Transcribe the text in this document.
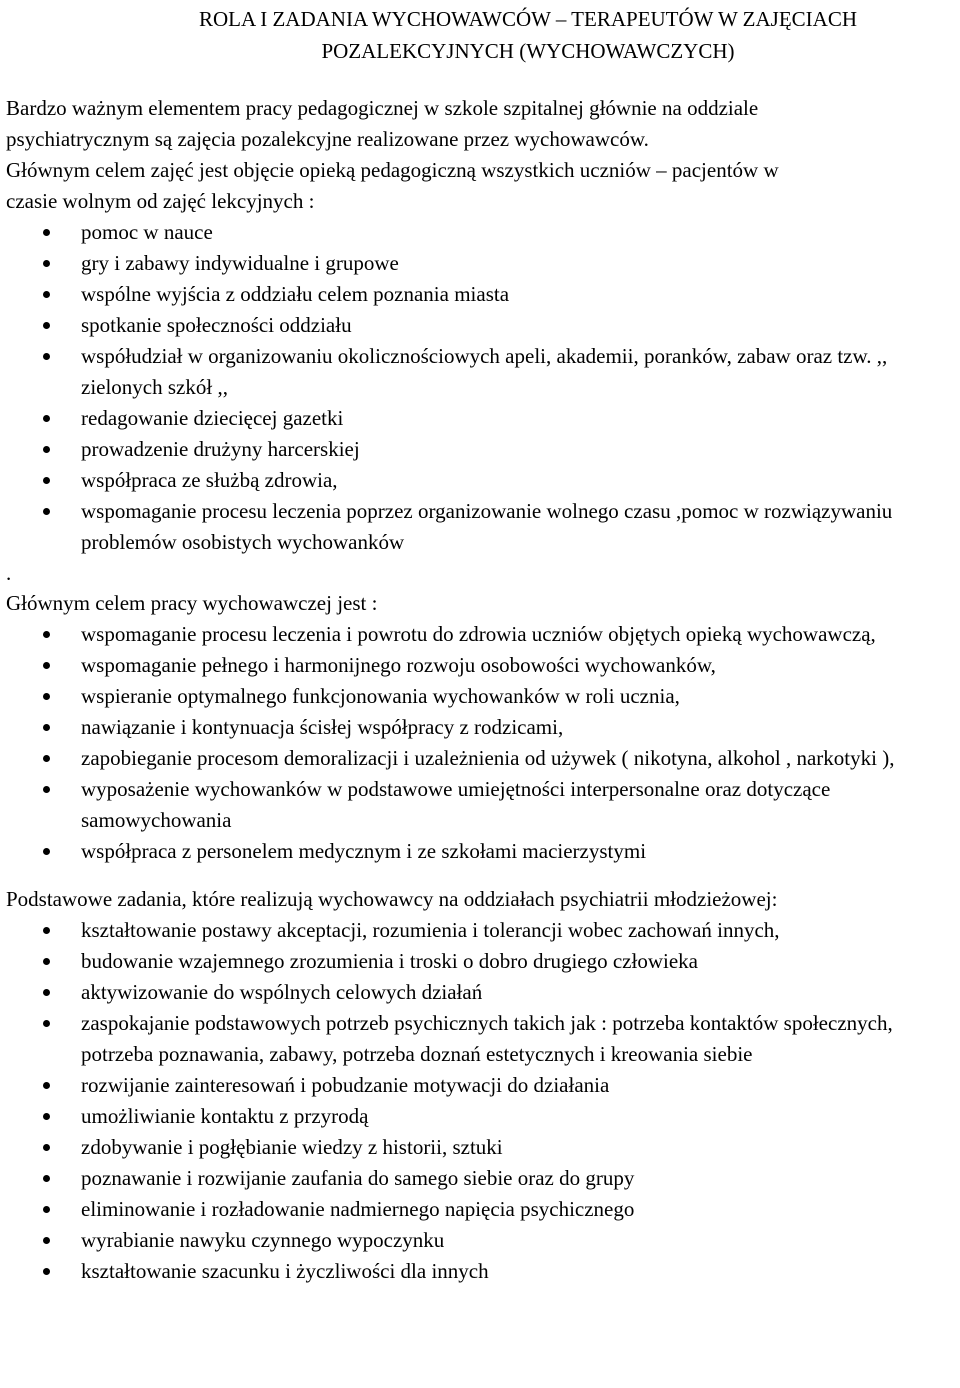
ROLA I ZADANIA WYCHOWAWCÓW – TERAPEUTÓW W ZAJĘCIACH
POZALEKCYJNYCH (WYCHOWAWCZYCH)

Bardzo ważnym elementem pracy pedagogicznej w szkole szpitalnej głównie na oddziale

psychiatrycznym są zajęcia pozalekcyjne realizowane przez wychowawców.

Głównym celem zajęć jest objęcie opieką pedagogiczną wszystkich uczniów – pacjentów w

czasie wolnym od zajęć lekcyjnych :

pomoc w nauce
gry i zabawy indywidualne i grupowe
wspólne wyjścia z oddziału celem poznania miasta
spotkanie społeczności oddziału
współudział w organizowaniu okolicznościowych apeli, akademii, poranków, zabaw oraz tzw. ,, zielonych szkół ,,
redagowanie dziecięcej gazetki
prowadzenie drużyny harcerskiej
współpraca ze służbą zdrowia,
wspomaganie procesu leczenia poprzez organizowanie wolnego czasu ,pomoc w rozwiązywaniu problemów osobistych wychowanków

.

Głównym celem pracy wychowawczej jest :

wspomaganie procesu leczenia i powrotu do zdrowia uczniów objętych opieką wychowawczą,
wspomaganie pełnego i harmonijnego rozwoju osobowości wychowanków,
wspieranie optymalnego funkcjonowania wychowanków w roli ucznia,
nawiązanie i kontynuacja ścisłej współpracy z rodzicami,
zapobieganie procesom demoralizacji i uzależnienia od używek ( nikotyna, alkohol , narkotyki ),
wyposażenie wychowanków w podstawowe umiejętności interpersonalne oraz dotyczące samowychowania
współpraca z personelem medycznym i ze szkołami macierzystymi

Podstawowe zadania, które realizują wychowawcy na oddziałach psychiatrii młodzieżowej:

kształtowanie postawy akceptacji, rozumienia i tolerancji wobec zachowań innych,
budowanie wzajemnego zrozumienia i troski o dobro drugiego człowieka
aktywizowanie do wspólnych celowych działań
zaspokajanie podstawowych potrzeb psychicznych takich jak : potrzeba kontaktów społecznych, potrzeba poznawania, zabawy, potrzeba doznań estetycznych i kreowania siebie
rozwijanie zainteresowań i pobudzanie motywacji do działania
umożliwianie kontaktu z przyrodą
zdobywanie i pogłębianie wiedzy z historii, sztuki
poznawanie i rozwijanie zaufania do samego siebie oraz do grupy
eliminowanie i rozładowanie nadmiernego napięcia psychicznego
wyrabianie nawyku czynnego wypoczynku
kształtowanie szacunku i życzliwości dla innych
